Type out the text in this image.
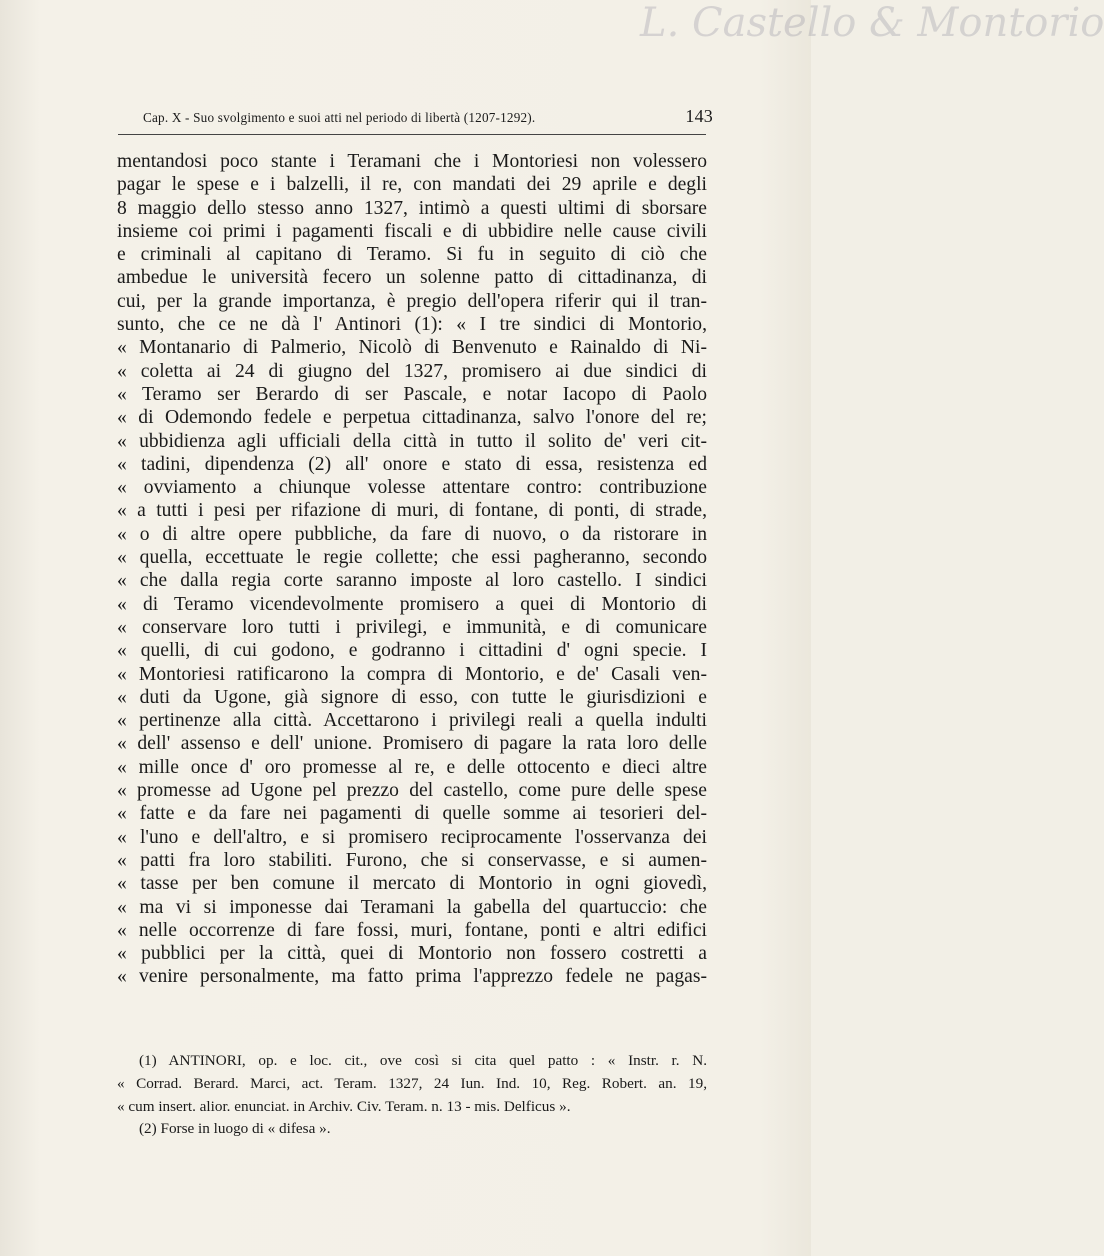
L. Castello & Montorio
Cap. X - Suo svolgimento e suoi atti nel periodo di libertà (1207-1292).	143
mentandosi poco stante i Teramani che i Montoriesi non volessero
pagar le spese e i balzelli, il re, con mandati dei 29 aprile e degli
8 maggio dello stesso anno 1327, intimò a questi ultimi di sborsare
insieme coi primi i pagamenti fiscali e di ubbidire nelle cause civili
e criminali al capitano di Teramo. Si fu in seguito di ciò che
ambedue le università fecero un solenne patto di cittadinanza, di
cui, per la grande importanza, è pregio dell'opera riferir qui il tran-
sunto, che ce ne dà l' Antinori (1): « I tre sindici di Montorio,
« Montanario di Palmerio, Nicolò di Benvenuto e Rainaldo di Ni-
« coletta ai 24 di giugno del 1327, promisero ai due sindici di
« Teramo ser Berardo di ser Pascale, e notar Iacopo di Paolo
« di Odemondo fedele e perpetua cittadinanza, salvo l'onore del re;
« ubbidienza agli ufficiali della città in tutto il solito de' veri cit-
« tadini, dipendenza (2) all' onore e stato di essa, resistenza ed
« ovviamento a chiunque volesse attentare contro: contribuzione
« a tutti i pesi per rifazione di muri, di fontane, di ponti, di strade,
« o di altre opere pubbliche, da fare di nuovo, o da ristorare in
« quella, eccettuate le regie collette; che essi pagheranno, secondo
« che dalla regia corte saranno imposte al loro castello. I sindici
« di Teramo vicendevolmente promisero a quei di Montorio di
« conservare loro tutti i privilegi, e immunità, e di comunicare
« quelli, di cui godono, e godranno i cittadini d' ogni specie. I
« Montoriesi ratificarono la compra di Montorio, e de' Casali ven-
« duti da Ugone, già signore di esso, con tutte le giurisdizioni e
« pertinenze alla città. Accettarono i privilegi reali a quella indulti
« dell' assenso e dell' unione. Promisero di pagare la rata loro delle
« mille once d' oro promesse al re, e delle ottocento e dieci altre
« promesse ad Ugone pel prezzo del castello, come pure delle spese
« fatte e da fare nei pagamenti di quelle somme ai tesorieri del-
« l'uno e dell'altro, e si promisero reciprocamente l'osservanza dei
« patti fra loro stabiliti. Furono, che si conservasse, e si aumen-
« tasse per ben comune il mercato di Montorio in ogni giovedì,
« ma vi si imponesse dai Teramani la gabella del quartuccio: che
« nelle occorrenze di fare fossi, muri, fontane, ponti e altri edifici
« pubblici per la città, quei di Montorio non fossero costretti a
« venire personalmente, ma fatto prima l'apprezzo fedele ne pagas-
(1) ANTINORI, op. e loc. cit., ove così si cita quel patto : « Instr. r. N.
« Corrad. Berard. Marci, act. Teram. 1327, 24 Iun. Ind. 10, Reg. Robert. an. 19,
« cum insert. alior. enunciat. in Archiv. Civ. Teram. n. 13 - mis. Delficus ».
(2) Forse in luogo di « difesa ».
